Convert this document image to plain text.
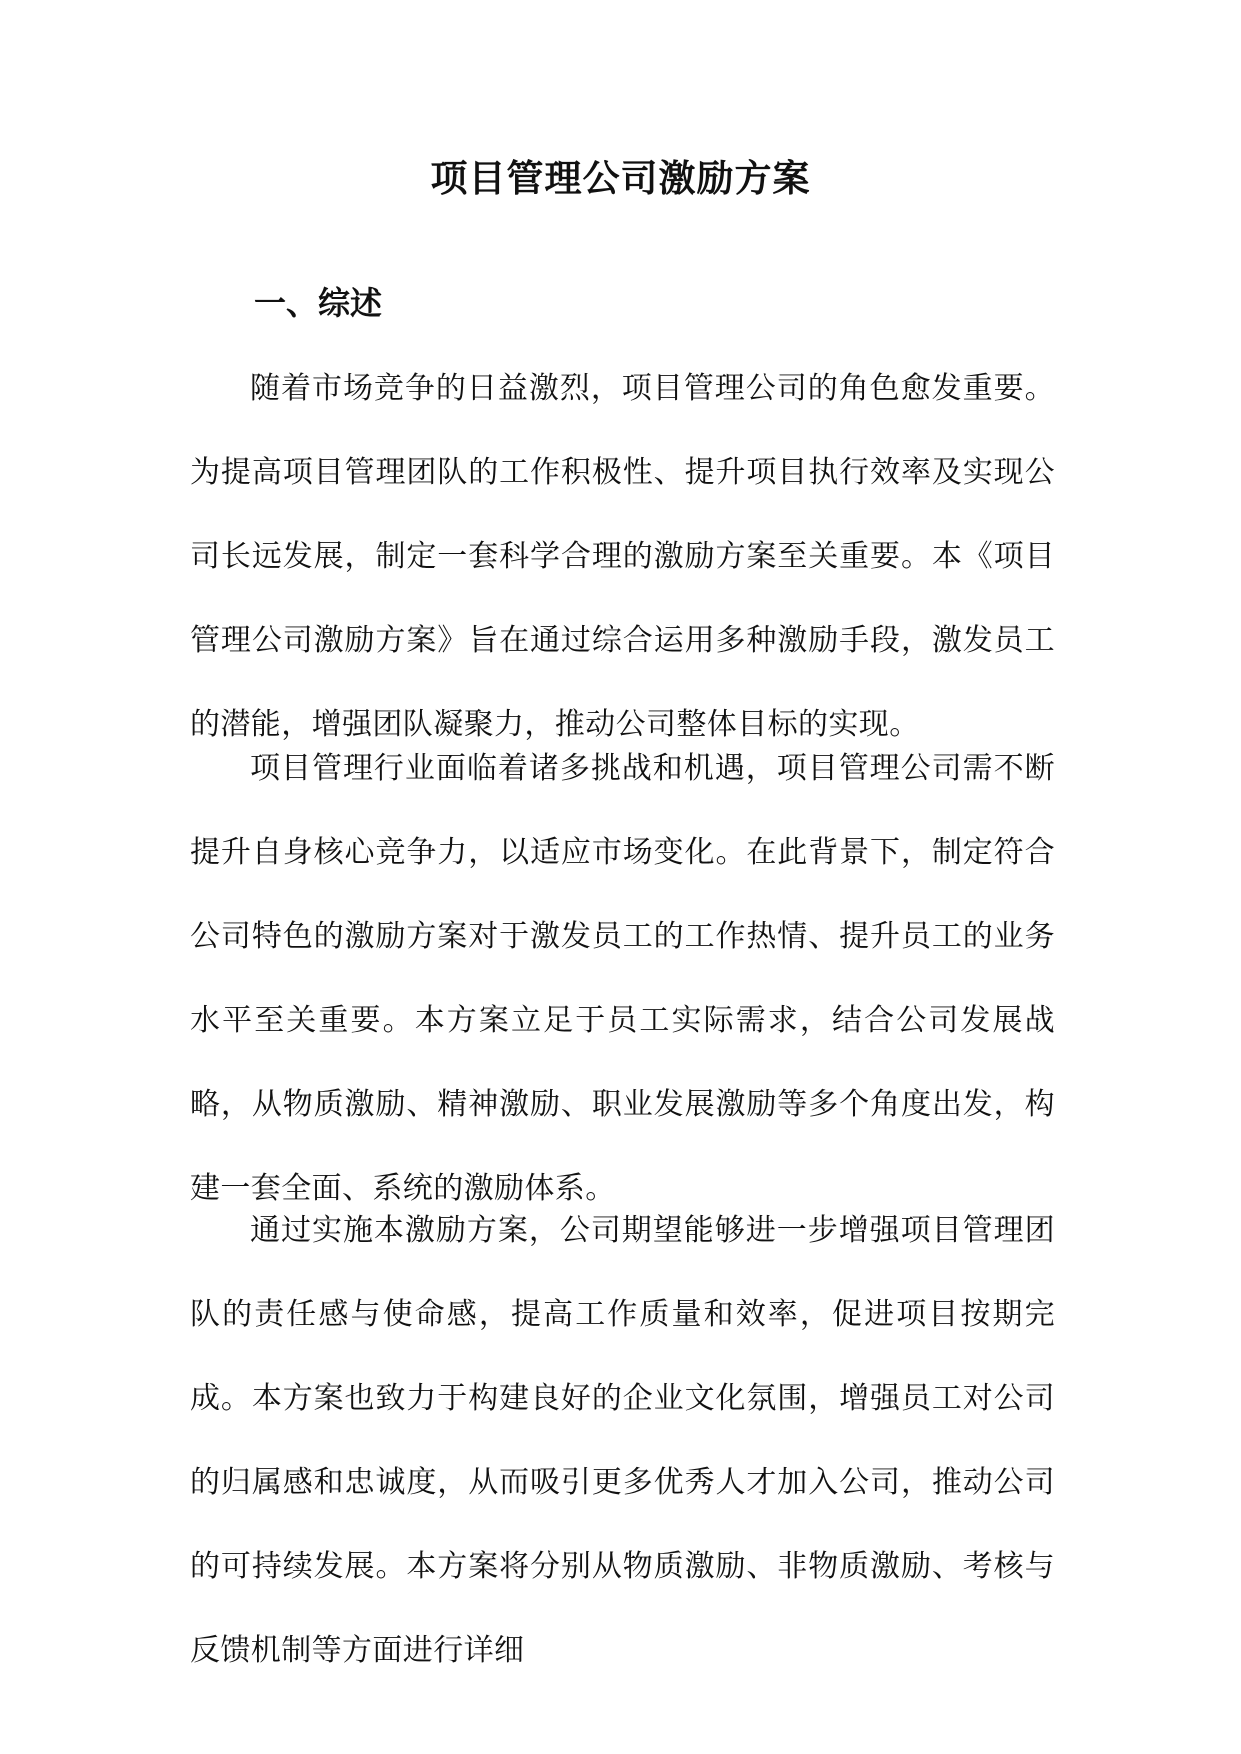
项目管理公司激励方案
一、综述

随着市场竞争的日益激烈，项目管理公司的角色愈发重要。为提高项目管理团队的工作积极性、提升项目执行效率及实现公司长远发展，制定一套科学合理的激励方案至关重要。本《项目管理公司激励方案》旨在通过综合运用多种激励手段，激发员工的潜能，增强团队凝聚力，推动公司整体目标的实现。

项目管理行业面临着诸多挑战和机遇，项目管理公司需不断提升自身核心竞争力，以适应市场变化。在此背景下，制定符合公司特色的激励方案对于激发员工的工作热情、提升员工的业务水平至关重要。本方案立足于员工实际需求，结合公司发展战略，从物质激励、精神激励、职业发展激励等多个角度出发，构建一套全面、系统的激励体系。

通过实施本激励方案，公司期望能够进一步增强项目管理团队的责任感与使命感，提高工作质量和效率，促进项目按期完成。本方案也致力于构建良好的企业文化氛围，增强员工对公司的归属感和忠诚度，从而吸引更多优秀人才加入公司，推动公司的可持续发展。本方案将分别从物质激励、非物质激励、考核与反馈机制等方面进行详细
